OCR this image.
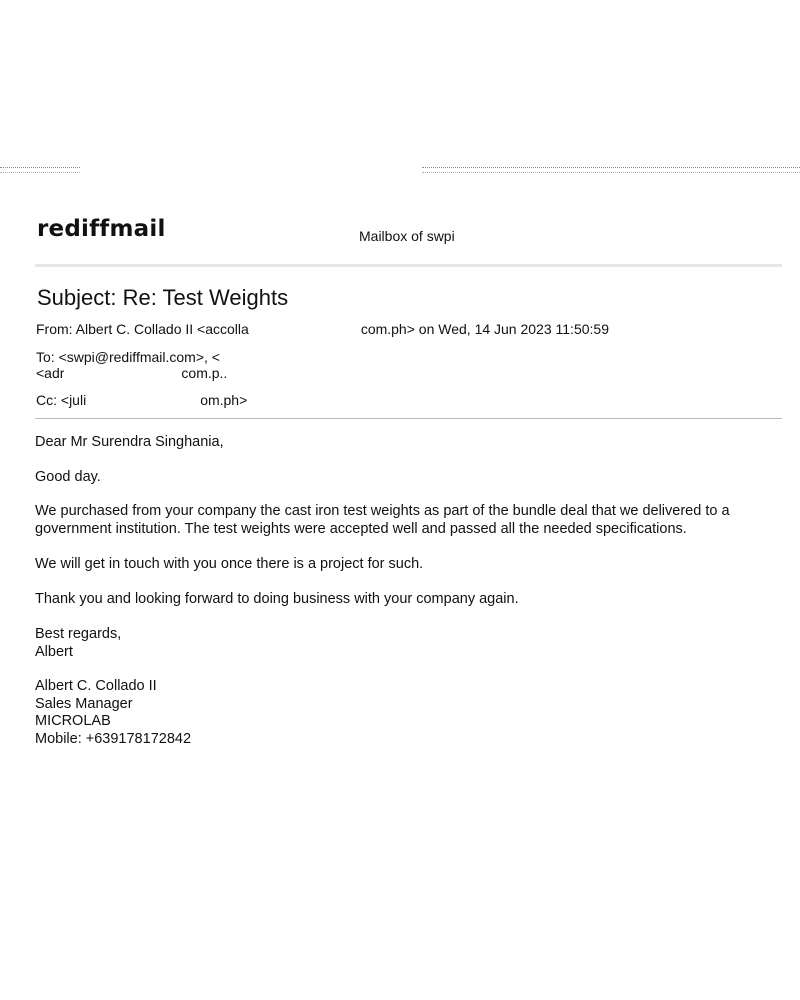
rediffmail	Mailbox of swpi
Subject: Re: Test Weights
From: Albert C. Collado II <accolla	com.ph> on Wed, 14 Jun 2023 11:50:59
To: <swpi@rediffmail.com>, <
<adr	com.p..
Cc: <juli	om.ph>
Dear Mr Surendra Singhania,
Good day.
We purchased from your company the cast iron test weights as part of the bundle deal that we delivered to a government institution. The test weights were accepted well and passed all the needed specifications.
We will get in touch with you once there is a project for such.
Thank you and looking forward to doing business with your company again.
Best regards,
Albert
Albert C. Collado II
Sales Manager
MICROLAB
Mobile: +639178172842
